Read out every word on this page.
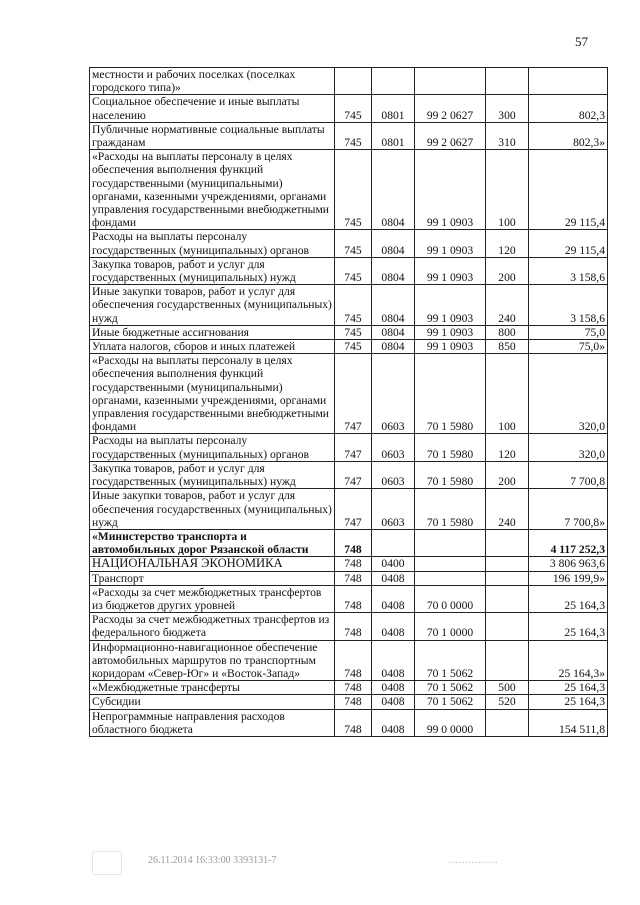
57
местности и рабочих поселках (поселках городского типа)»					
Социальное обеспечение и иные выплаты населению	745	0801	99 2 0627	300	802,3
Публичные нормативные социальные выплаты гражданам	745	0801	99 2 0627	310	802,3»
«Расходы на выплаты персоналу в целях обеспечения выполнения функций государственными (муниципальными) органами, казенными учреждениями, органами управления государственными внебюджетными фондами	745	0804	99 1 0903	100	29 115,4
Расходы на выплаты персоналу государственных (муниципальных) органов	745	0804	99 1 0903	120	29 115,4
Закупка товаров, работ и услуг для государственных (муниципальных) нужд	745	0804	99 1 0903	200	3 158,6
Иные закупки товаров, работ и услуг для обеспечения государственных (муниципальных) нужд	745	0804	99 1 0903	240	3 158,6
Иные бюджетные ассигнования	745	0804	99 1 0903	800	75,0
Уплата налогов, сборов и иных платежей	745	0804	99 1 0903	850	75,0»
«Расходы на выплаты персоналу в целях обеспечения выполнения функций государственными (муниципальными) органами, казенными учреждениями, органами управления государственными внебюджетными фондами	747	0603	70 1 5980	100	320,0
Расходы на выплаты персоналу государственных (муниципальных) органов	747	0603	70 1 5980	120	320,0
Закупка товаров, работ и услуг для государственных (муниципальных) нужд	747	0603	70 1 5980	200	7 700,8
Иные закупки товаров, работ и услуг для обеспечения государственных (муниципальных) нужд	747	0603	70 1 5980	240	7 700,8»
«Министерство транспорта и автомобильных дорог Рязанской области	748				4 117 252,3
НАЦИОНАЛЬНАЯ ЭКОНОМИКА	748	0400			3 806 963,6
Транспорт	748	0408			196 199,9»
«Расходы за счет межбюджетных трансфертов из бюджетов других уровней	748	0408	70 0 0000		25 164,3
Расходы за счет межбюджетных трансфертов из федерального бюджета	748	0408	70 1 0000		25 164,3
Информационно-навигационное обеспечение автомобильных маршрутов по транспортным коридорам «Север-Юг» и «Восток-Запад»	748	0408	70 1 5062		25 164,3»
«Межбюджетные трансферты	748	0408	70 1 5062	500	25 164,3
Субсидии	748	0408	70 1 5062	520	25 164,3
Непрограммные направления расходов областного бюджета	748	0408	99 0 0000		154 511,8
26.11.2014 16:33:00 3393131-7	……………
